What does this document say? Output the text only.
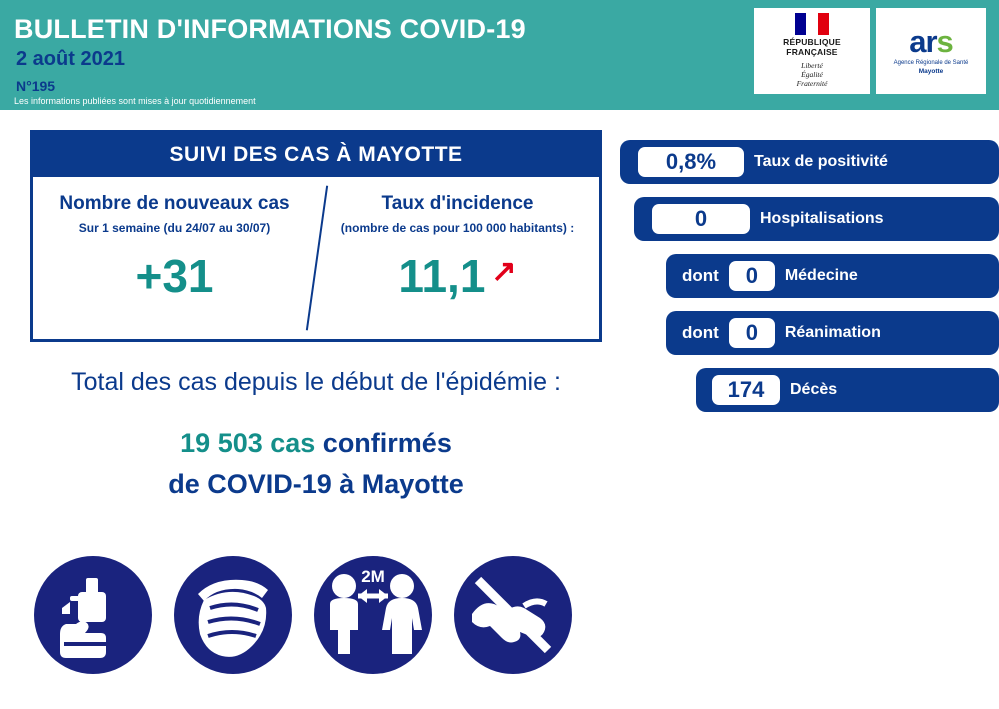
BULLETIN D'INFORMATIONS COVID-19
2 août 2021
N°195
Les informations publiées sont mises à jour quotidiennement
RÉPUBLIQUE
FRANÇAISE
Liberté
Égalité
Fraternité
ars
Agence Régionale de Santé
Mayotte
SUIVI DES CAS À MAYOTTE
Nombre de nouveaux cas
Sur 1 semaine (du 24/07 au 30/07)
+31
Taux d'incidence
(nombre de cas pour 100 000 habitants) :
11,1 ↗
Total des cas depuis le début de l'épidémie :
19 503 cas confirmés
de COVID-19 à Mayotte
2M
0,8%	Taux de positivité
0	Hospitalisations
dont	0	Médecine
dont	0	Réanimation
174	Décès
